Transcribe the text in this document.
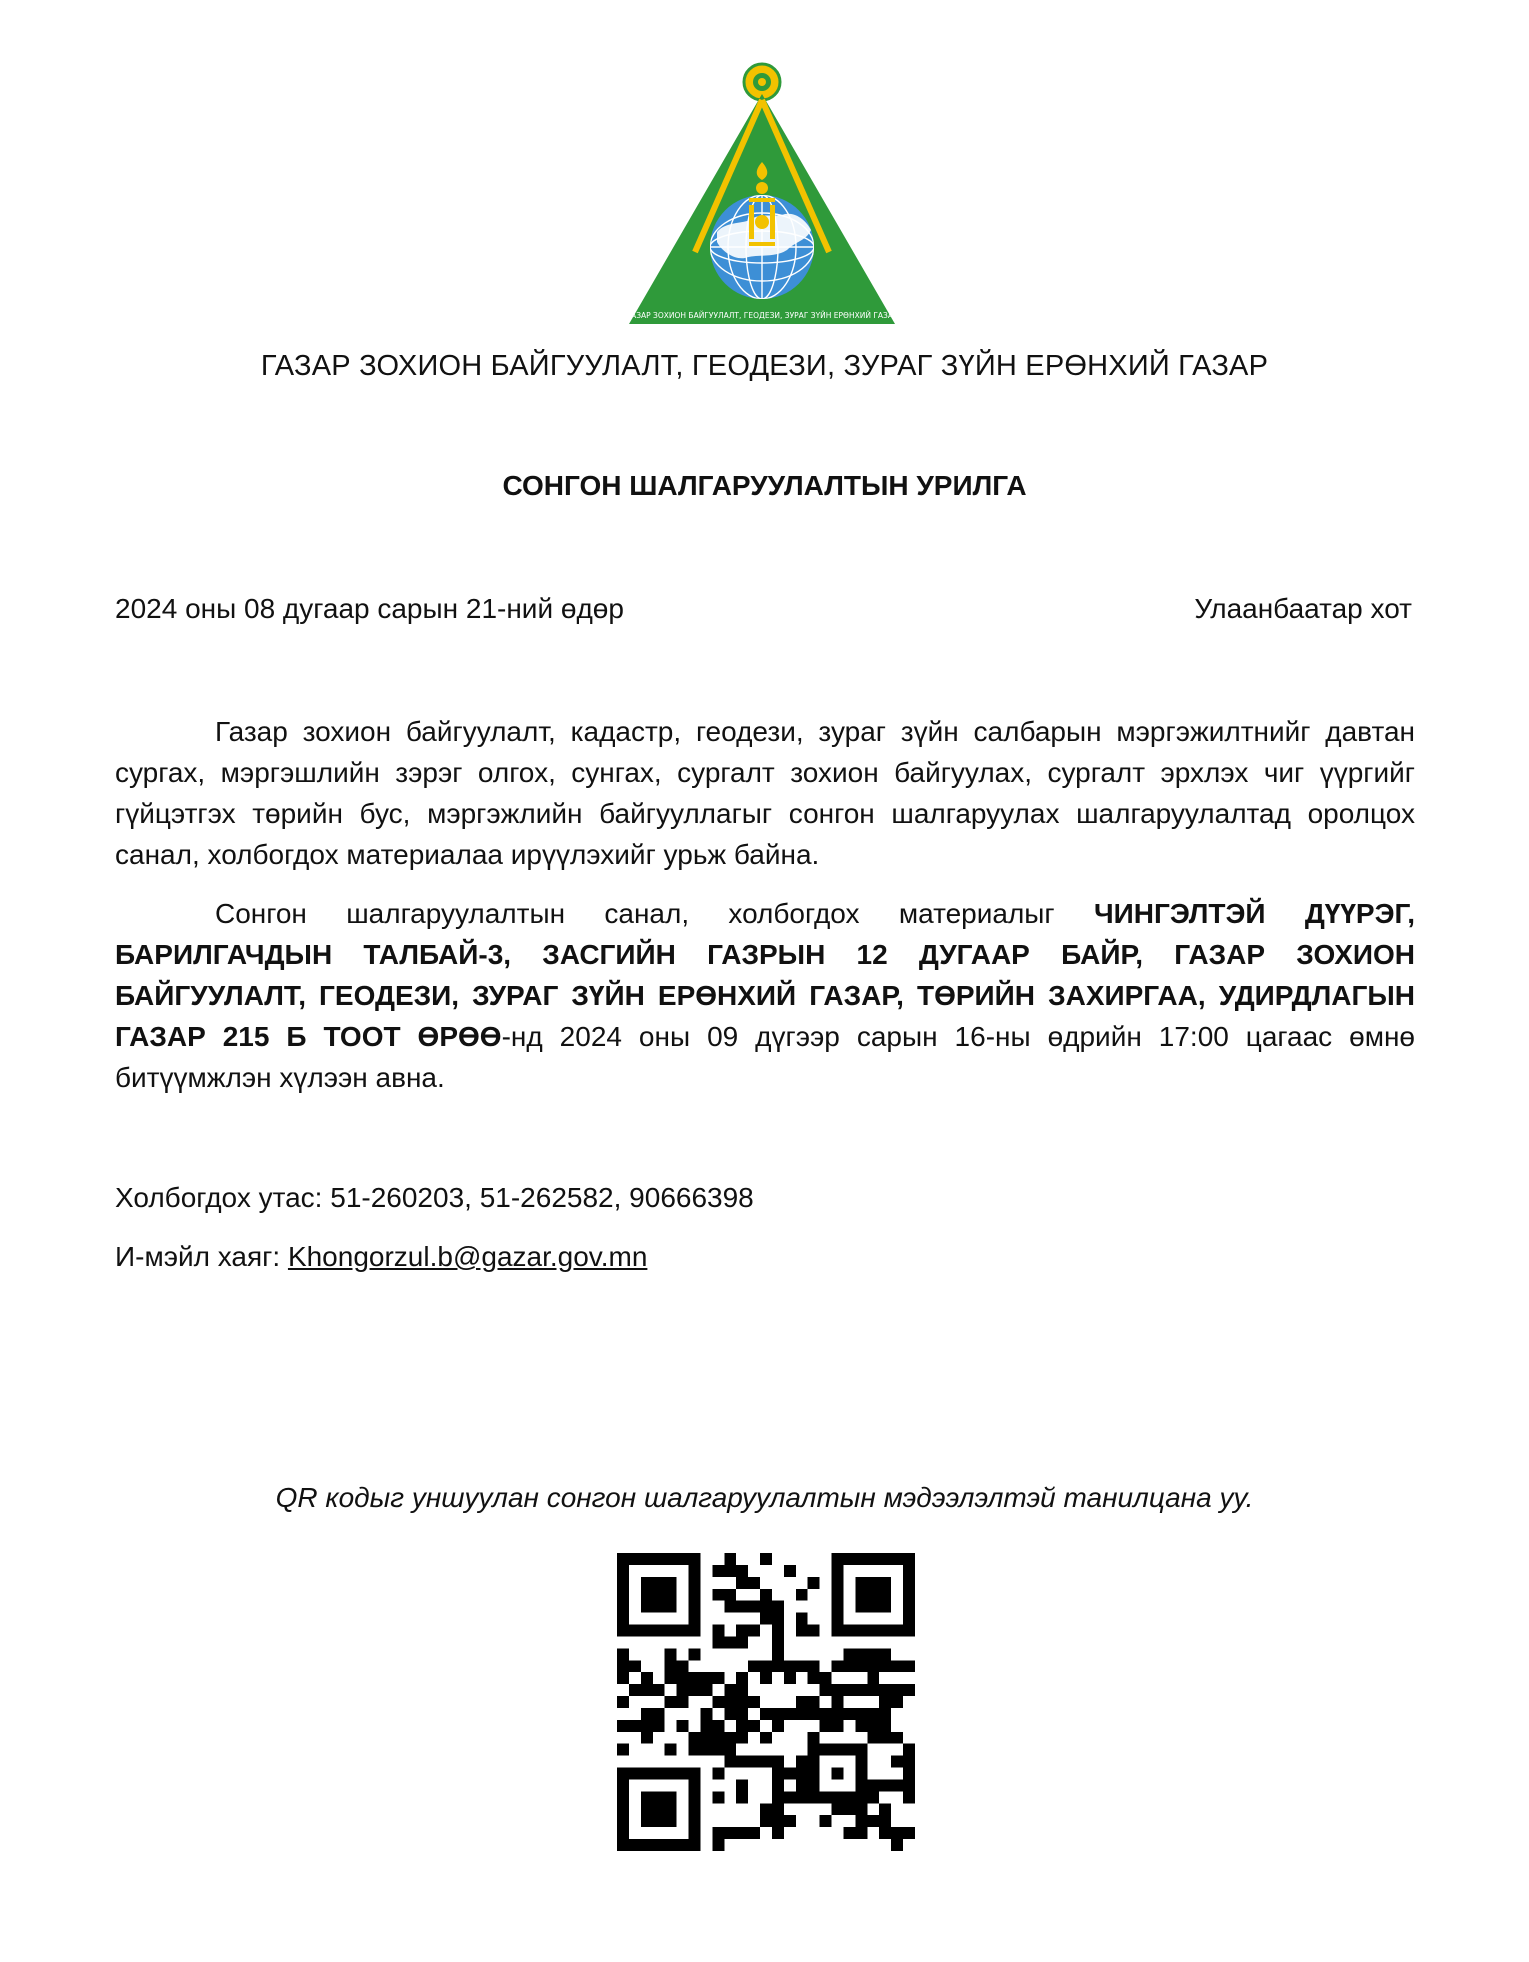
ГАЗАР ЗОХИОН БАЙГУУЛАЛТ, ГЕОДЕЗИ, ЗУРАГ ЗҮЙН ЕРӨНХИЙ ГАЗАР
ГАЗАР ЗОХИОН БАЙГУУЛАЛТ, ГЕОДЕЗИ, ЗУРАГ ЗҮЙН ЕРӨНХИЙ ГАЗАР
СОНГОН ШАЛГАРУУЛАЛТЫН УРИЛГА
2024 оны 08 дугаар сарын 21-ний өдөр	Улаанбаатар хот

Газар зохион байгуулалт, кадастр, геодези, зураг зүйн салбарын мэргэжилтнийг давтан сургах, мэргэшлийн зэрэг олгох, сунгах, сургалт зохион байгуулах, сургалт эрхлэх чиг үүргийг гүйцэтгэх төрийн бус, мэргэжлийн байгууллагыг сонгон шалгаруулах шалгаруулалтад оролцох санал, холбогдох материалаа ирүүлэхийг урьж байна.

Сонгон шалгаруулалтын санал, холбогдох материалыг ЧИНГЭЛТЭЙ ДҮҮРЭГ, БАРИЛГАЧДЫН ТАЛБАЙ-3, ЗАСГИЙН ГАЗРЫН 12 ДУГААР БАЙР, ГАЗАР ЗОХИОН БАЙГУУЛАЛТ, ГЕОДЕЗИ, ЗУРАГ ЗҮЙН ЕРӨНХИЙ ГАЗАР, ТӨРИЙН ЗАХИРГАА, УДИРДЛАГЫН ГАЗАР 215 Б ТООТ ӨРӨӨ-нд 2024 оны 09 дүгээр сарын 16-ны өдрийн 17:00 цагаас өмнө битүүмжлэн хүлээн авна.

Холбогдох утас: 51-260203, 51-262582, 90666398
И-мэйл хаяг: Khongorzul.b@gazar.gov.mn
QR кодыг уншуулан сонгон шалгаруулалтын мэдээлэлтэй танилцана уу.
